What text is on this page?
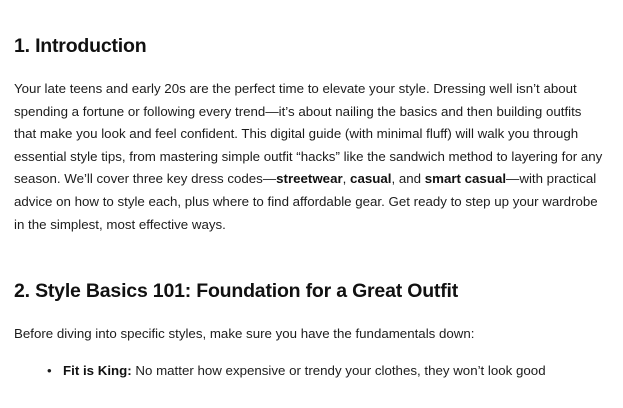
1. Introduction

Your late teens and early 20s are the perfect time to elevate your style. Dressing well isn’t about spending a fortune or following every trend—it’s about nailing the basics and then building outfits that make you look and feel confident. This digital guide (with minimal fluff) will walk you through essential style tips, from mastering simple outfit “hacks” like the sandwich method to layering for any season. We’ll cover three key dress codes—streetwear, casual, and smart casual—with practical advice on how to style each, plus where to find affordable gear. Get ready to step up your wardrobe in the simplest, most effective ways.

2. Style Basics 101: Foundation for a Great Outfit

Before diving into specific styles, make sure you have the fundamentals down:

• Fit is King: No matter how expensive or trendy your clothes, they won’t look good
